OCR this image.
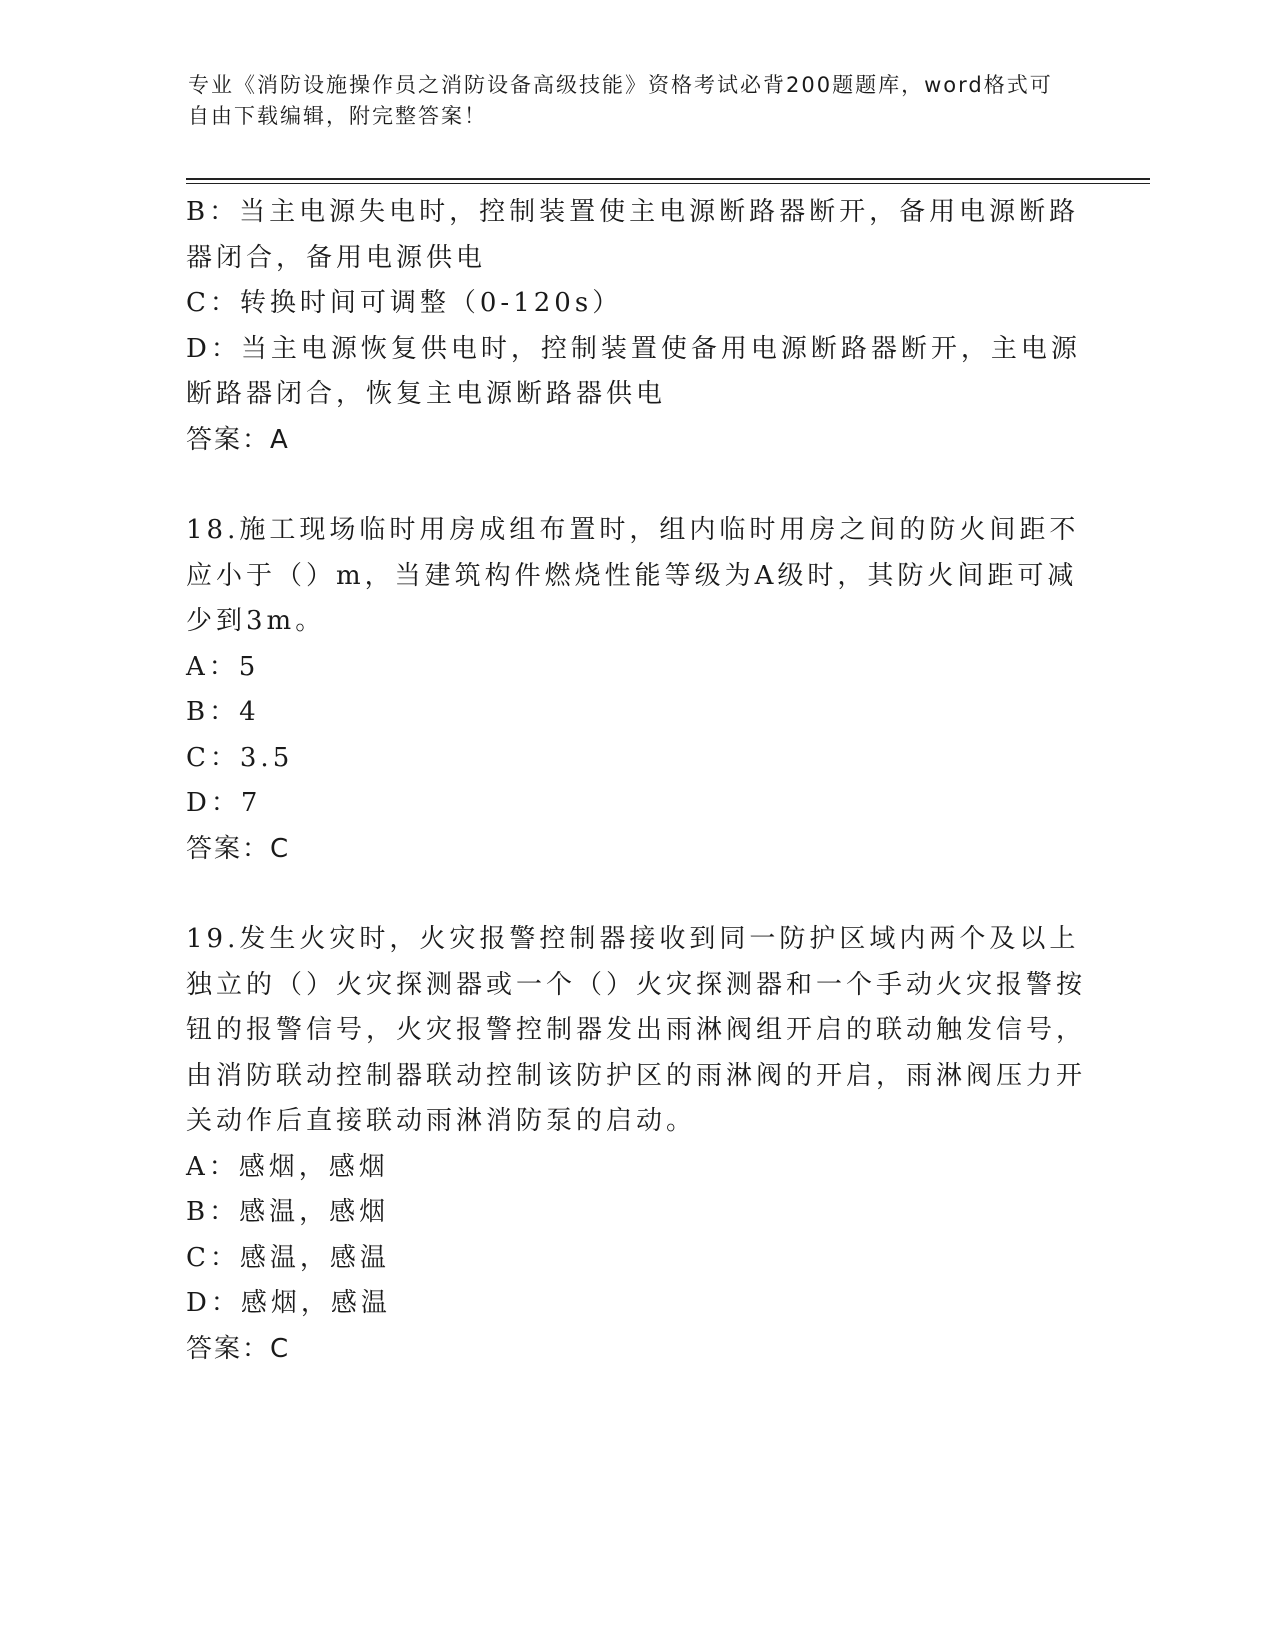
专业《消防设施操作员之消防设备高级技能》资格考试必背200题题库，word格式可自由下载编辑，附完整答案！
B：当主电源失电时，控制装置使主电源断路器断开，备用电源断路器闭合，备用电源供电
C：转换时间可调整（0-120s）
D：当主电源恢复供电时，控制装置使备用电源断路器断开，主电源断路器闭合，恢复主电源断路器供电
答案：A
18.施工现场临时用房成组布置时，组内临时用房之间的防火间距不应小于（）m，当建筑构件燃烧性能等级为A级时，其防火间距可减少到3m。
A：5
B：4
C：3.5
D：7
答案：C
19.发生火灾时，火灾报警控制器接收到同一防护区域内两个及以上独立的（）火灾探测器或一个（）火灾探测器和一个手动火灾报警按钮的报警信号，火灾报警控制器发出雨淋阀组开启的联动触发信号，由消防联动控制器联动控制该防护区的雨淋阀的开启，雨淋阀压力开关动作后直接联动雨淋消防泵的启动。
A：感烟，感烟
B：感温，感烟
C：感温，感温
D：感烟，感温
答案：C
